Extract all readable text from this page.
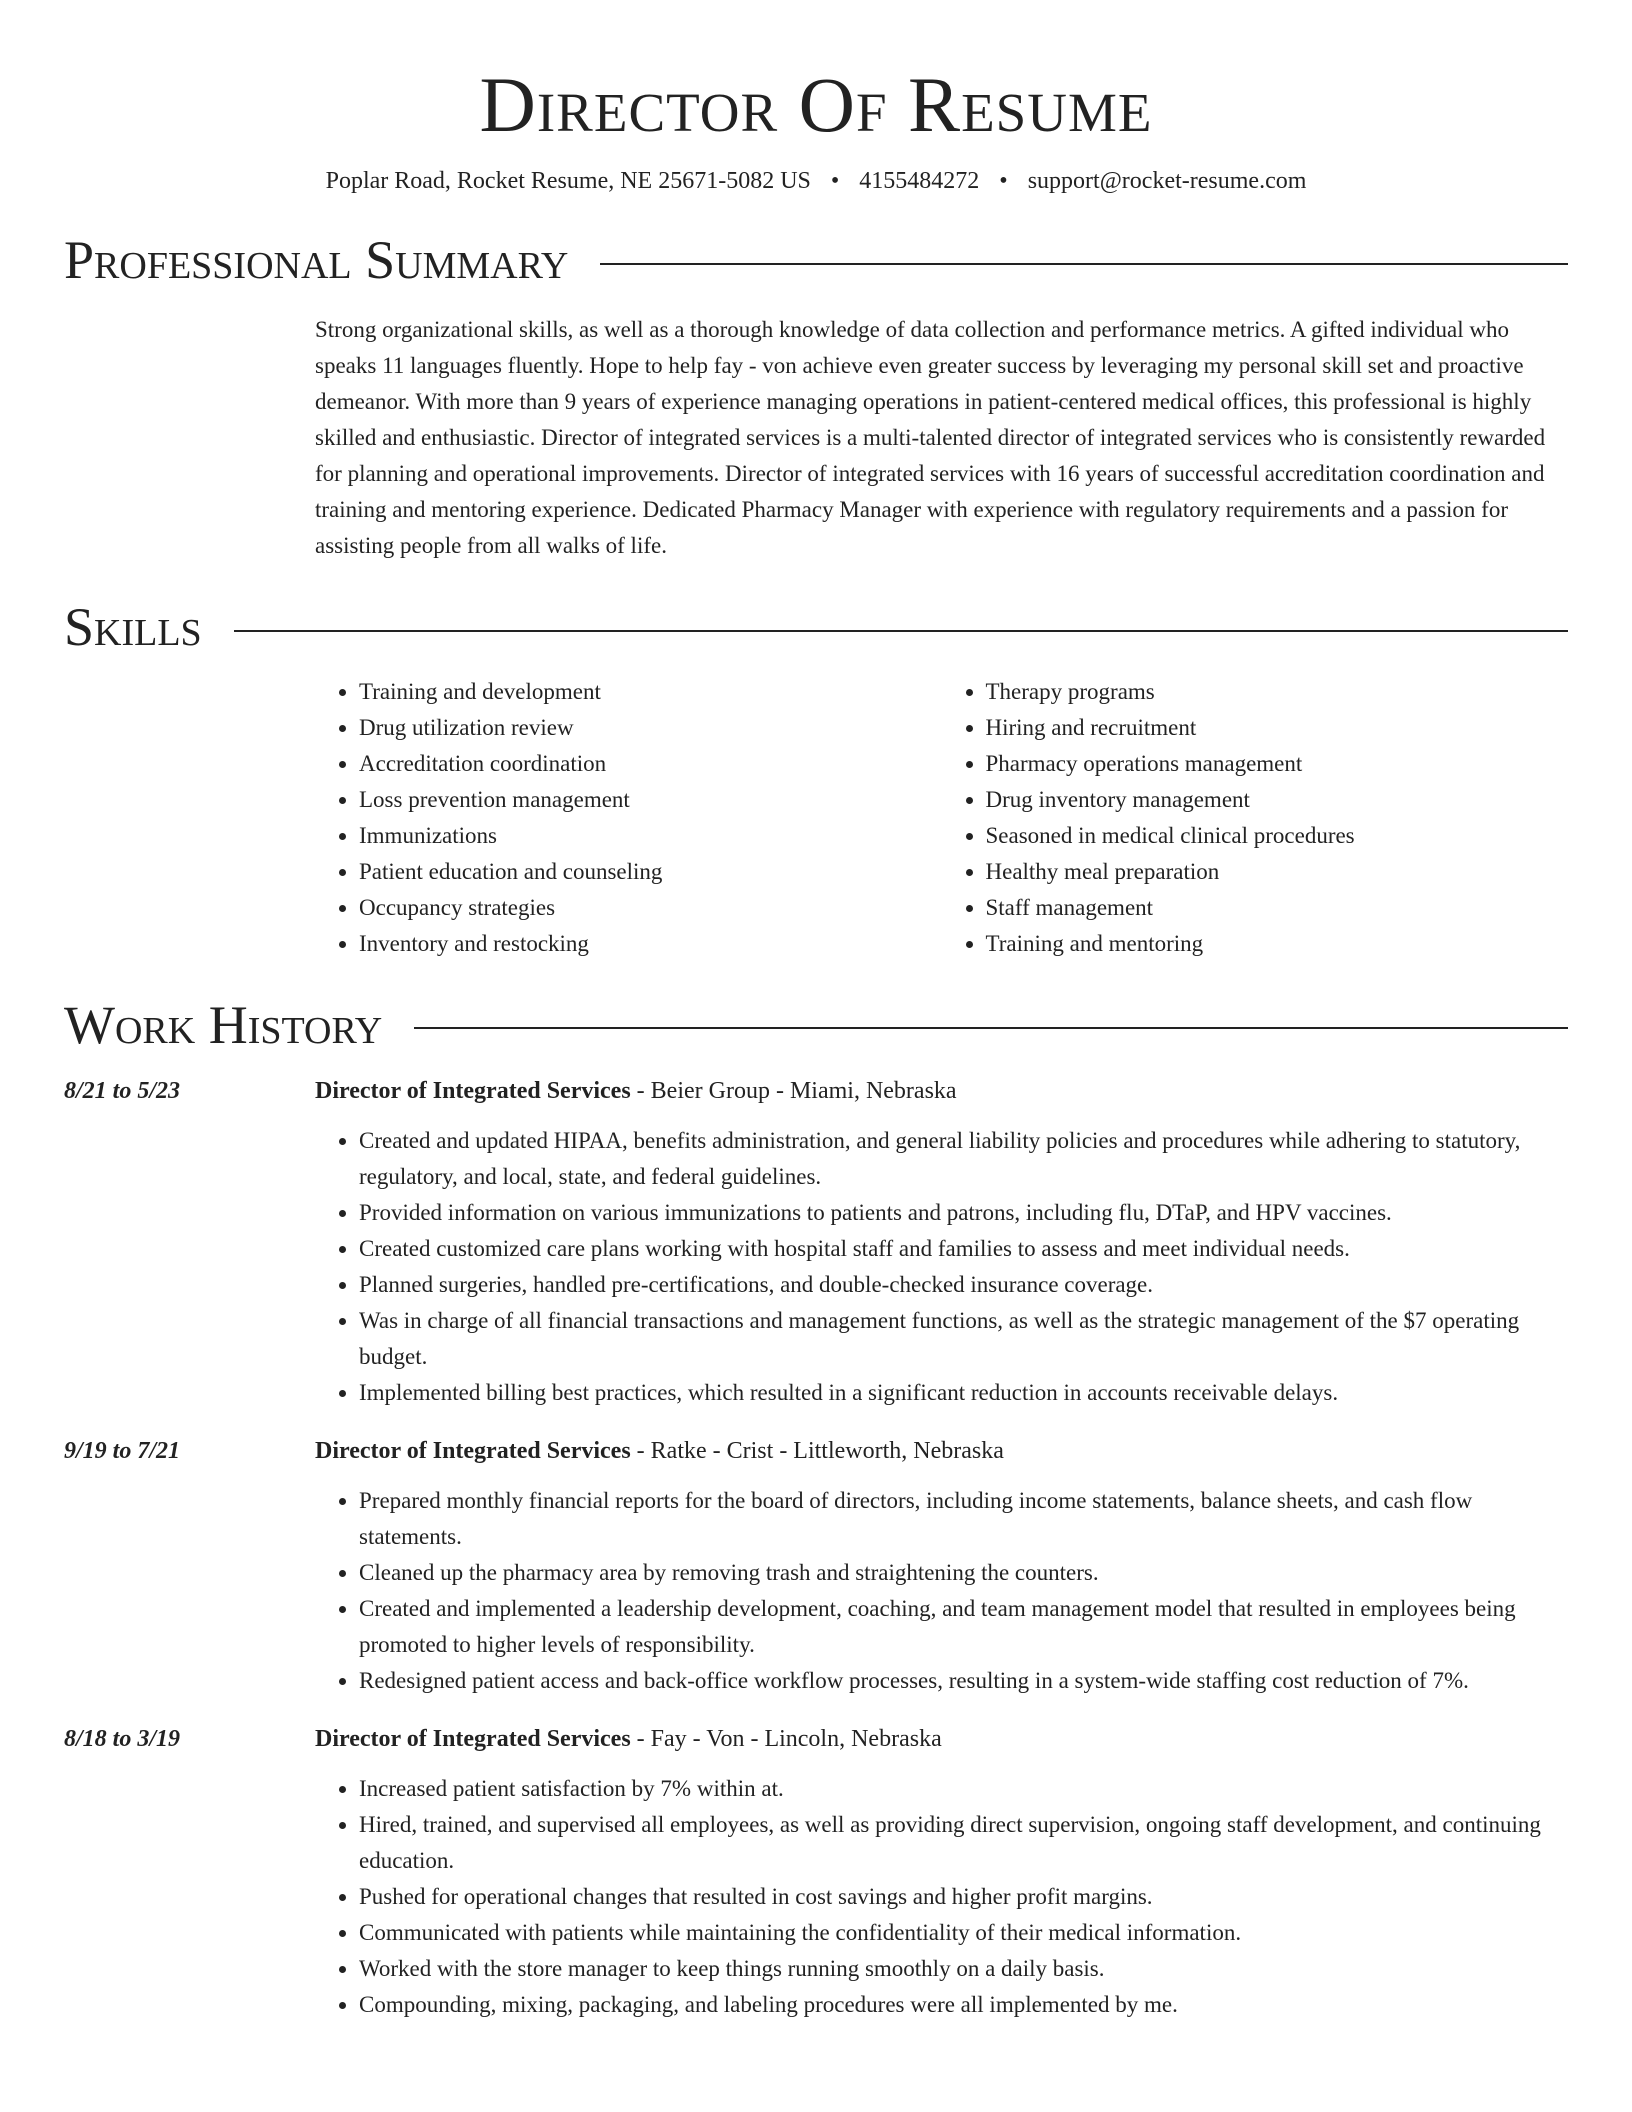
Director Of Resume
Poplar Road, Rocket Resume, NE 25671-5082 US • 4155484272 • support@rocket-resume.com
Professional Summary

Strong organizational skills, as well as a thorough knowledge of data collection and performance metrics. A gifted individual who speaks 11 languages fluently. Hope to help fay - von achieve even greater success by leveraging my personal skill set and proactive demeanor. With more than 9 years of experience managing operations in patient-centered medical offices, this professional is highly skilled and enthusiastic. Director of integrated services is a multi-talented director of integrated services who is consistently rewarded for planning and operational improvements. Director of integrated services with 16 years of successful accreditation coordination and training and mentoring experience. Dedicated Pharmacy Manager with experience with regulatory requirements and a passion for assisting people from all walks of life.

Skills
• Training and development
• Drug utilization review
• Accreditation coordination
• Loss prevention management
• Immunizations
• Patient education and counseling
• Occupancy strategies
• Inventory and restocking
• Therapy programs
• Hiring and recruitment
• Pharmacy operations management
• Drug inventory management
• Seasoned in medical clinical procedures
• Healthy meal preparation
• Staff management
• Training and mentoring
Work History
8/21 to 5/23	Director of Integrated Services - Beier Group - Miami, Nebraska
• Created and updated HIPAA, benefits administration, and general liability policies and procedures while adhering to statutory, regulatory, and local, state, and federal guidelines.
• Provided information on various immunizations to patients and patrons, including flu, DTaP, and HPV vaccines.
• Created customized care plans working with hospital staff and families to assess and meet individual needs.
• Planned surgeries, handled pre-certifications, and double-checked insurance coverage.
• Was in charge of all financial transactions and management functions, as well as the strategic management of the $7 operating budget.
• Implemented billing best practices, which resulted in a significant reduction in accounts receivable delays.
9/19 to 7/21	Director of Integrated Services - Ratke - Crist - Littleworth, Nebraska
• Prepared monthly financial reports for the board of directors, including income statements, balance sheets, and cash flow statements.
• Cleaned up the pharmacy area by removing trash and straightening the counters.
• Created and implemented a leadership development, coaching, and team management model that resulted in employees being promoted to higher levels of responsibility.
• Redesigned patient access and back-office workflow processes, resulting in a system-wide staffing cost reduction of 7%.
8/18 to 3/19	Director of Integrated Services - Fay - Von - Lincoln, Nebraska
• Increased patient satisfaction by 7% within at.
• Hired, trained, and supervised all employees, as well as providing direct supervision, ongoing staff development, and continuing education.
• Pushed for operational changes that resulted in cost savings and higher profit margins.
• Communicated with patients while maintaining the confidentiality of their medical information.
• Worked with the store manager to keep things running smoothly on a daily basis.
• Compounding, mixing, packaging, and labeling procedures were all implemented by me.
